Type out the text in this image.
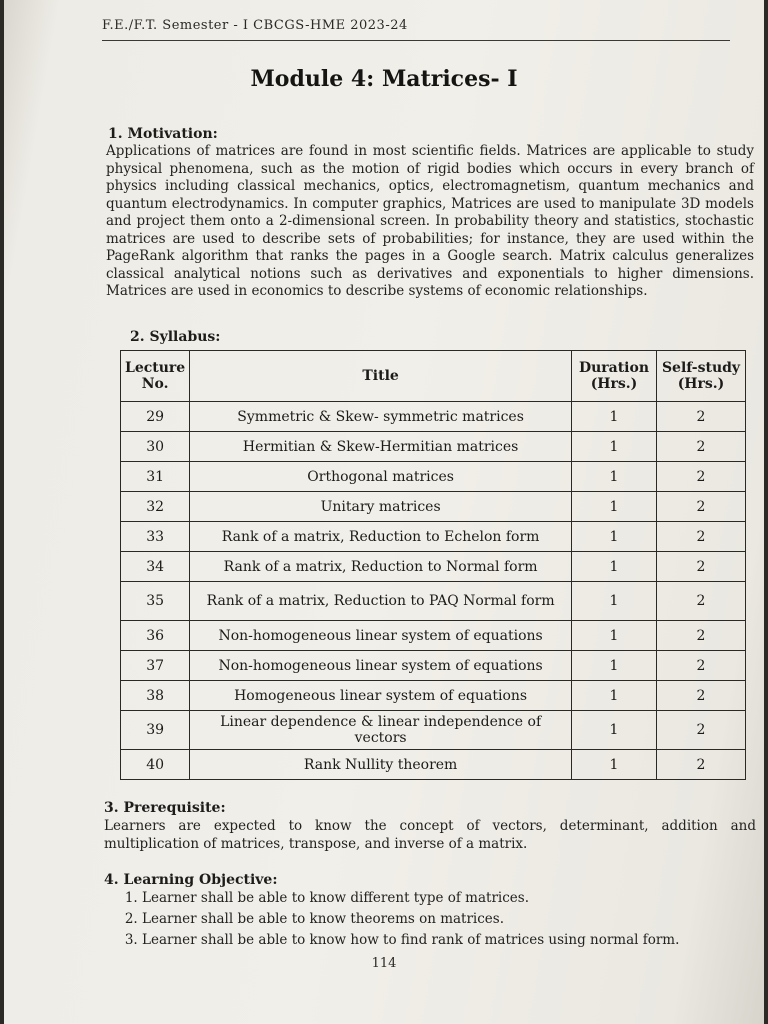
F.E./F.T. Semester - I CBCGS-HME 2023-24
Module 4: Matrices- I
1. Motivation:
Applications of matrices are found in most scientific fields. Matrices are applicable to study physical phenomena, such as the motion of rigid bodies which occurs in every branch of physics including classical mechanics, optics, electromagnetism, quantum mechanics and quantum electrodynamics. In computer graphics, Matrices are used to manipulate 3D models and project them onto a 2-dimensional screen. In probability theory and statistics, stochastic matrices are used to describe sets of probabilities; for instance, they are used within the PageRank algorithm that ranks the pages in a Google search. Matrix calculus generalizes classical analytical notions such as derivatives and exponentials to higher dimensions. Matrices are used in economics to describe systems of economic relationships.
2. Syllabus:
Lecture No.	Title	Duration (Hrs.)	Self-study (Hrs.)
29	Symmetric & Skew- symmetric matrices	1	2
30	Hermitian & Skew-Hermitian matrices	1	2
31	Orthogonal matrices	1	2
32	Unitary matrices	1	2
33	Rank of a matrix, Reduction to Echelon form	1	2
34	Rank of a matrix, Reduction to Normal form	1	2
35	Rank of a matrix, Reduction to PAQ Normal form	1	2
36	Non-homogeneous linear system of equations	1	2
37	Non-homogeneous linear system of equations	1	2
38	Homogeneous linear system of equations	1	2
39	Linear dependence & linear independence of vectors	1	2
40	Rank Nullity theorem	1	2
3. Prerequisite:
Learners are expected to know the concept of vectors, determinant, addition and multiplication of matrices, transpose, and inverse of a matrix.
4. Learning Objective:
1. Learner shall be able to know different type of matrices.
2. Learner shall be able to know theorems on matrices.
3. Learner shall be able to know how to find rank of matrices using normal form.
114
